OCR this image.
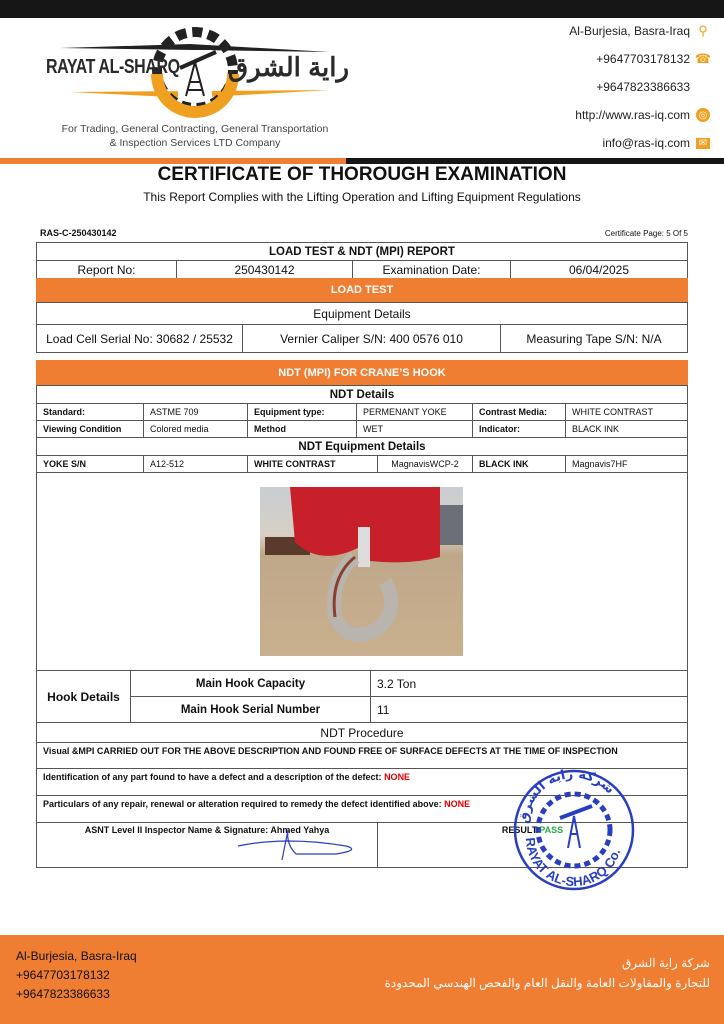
RAYAT AL-SHARQ راية الشرق
For Trading, General Contracting, General Transportation
& Inspection Services LTD Company
Al-Burjesia, Basra-Iraq ⚲
+9647703178132 ☎
+9647823386633
http://www.ras-iq.com ◎
info@ras-iq.com ✉
CERTIFICATE OF THOROUGH EXAMINATION
This Report Complies with the Lifting Operation and Lifting Equipment Regulations
RAS-C-250430142	Certificate Page: 5 Of 5
LOAD TEST & NDT (MPI) REPORT
Report No:	250430142	Examination Date:	06/04/2025
LOAD TEST
Equipment Details
Load Cell Serial No: 30682 / 25532	Vernier Caliper S/N: 400 0576 010	Measuring Tape S/N: N/A
NDT (MPI) FOR CRANE’S HOOK
NDT Details
Standard:	ASTME 709	Equipment type:	PERMENANT YOKE	Contrast Media:	WHITE CONTRAST
Viewing Condition	Colored media	Method	WET	Indicator:	BLACK INK
NDT Equipment Details
YOKE S/N	A12-512	WHITE CONTRAST	MagnavisWCP-2	BLACK INK	Magnavis7HF
Hook Details
Main Hook Capacity	3.2 Ton
Main Hook Serial Number	11
NDT Procedure
Visual &MPI CARRIED OUT FOR THE ABOVE DESCRIPTION AND FOUND FREE OF SURFACE DEFECTS AT THE TIME OF INSPECTION
Identification of any part found to have a defect and a description of the defect:
NONE
Particulars of any repair, renewal or alteration required to remedy the defect identified above:
NONE
ASNT Level II Inspector Name & Signature: Ahmed Yahya	RESULT: PASS
RAYAT AL-SHARQ Co.
شركة راية الشرق
Al-Burjesia, Basra-Iraq
+9647703178132
+9647823386633
شركة راية الشرق
للتجارة والمقاولات العامة والنقل العام والفحص الهندسي المحدودة
